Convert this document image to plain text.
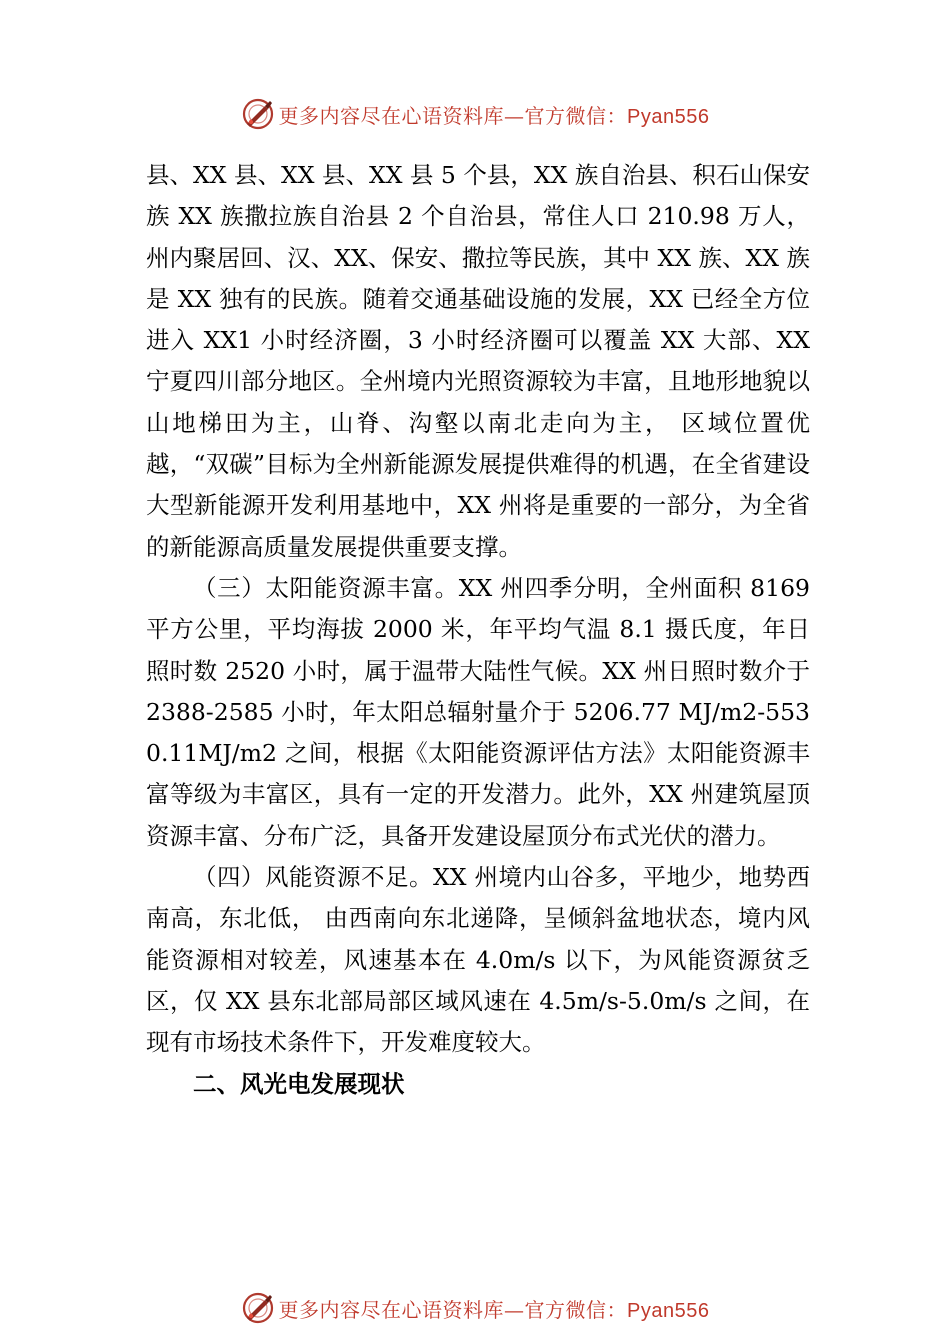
更多内容尽在心语资料库—官方微信：Pyan556

县、XX 县、XX 县、XX 县 5 个县，XX 族自治县、积石山保安族 XX 族撒拉族自治县 2 个自治县，常住人口 210.98 万人，州内聚居回、汉、XX、保安、撒拉等民族，其中 XX 族、XX 族是 XX 独有的民族。随着交通基础设施的发展，XX 已经全方位进入 XX1 小时经济圈，3 小时经济圈可以覆盖 XX 大部、XX 宁夏四川部分地区。全州境内光照资源较为丰富，且地形地貌以山地梯田为主，山脊、沟壑以南北走向为主， 区域位置优越，“双碳”目标为全州新能源发展提供难得的机遇，在全省建设大型新能源开发利用基地中，XX 州将是重要的一部分，为全省的新能源高质量发展提供重要支撑。

（三）太阳能资源丰富。XX 州四季分明，全州面积 8169 平方公里，平均海拔 2000 米，年平均气温 8.1 摄氏度，年日照时数 2520 小时，属于温带大陆性气候。XX 州日照时数介于 2388-2585 小时，年太阳总辐射量介于 5206.77 MJ/m2-5530.11MJ/m2 之间，根据《太阳能资源评估方法》太阳能资源丰富等级为丰富区，具有一定的开发潜力。此外，XX 州建筑屋顶资源丰富、分布广泛，具备开发建设屋顶分布式光伏的潜力。

（四）风能资源不足。XX 州境内山谷多，平地少，地势西南高，东北低， 由西南向东北递降，呈倾斜盆地状态，境内风能资源相对较差，风速基本在 4.0m/s 以下，为风能资源贫乏区，仅 XX 县东北部局部区域风速在 4.5m/s-5.0m/s 之间，在现有市场技术条件下，开发难度较大。

二、风光电发展现状

更多内容尽在心语资料库—官方微信：Pyan556
